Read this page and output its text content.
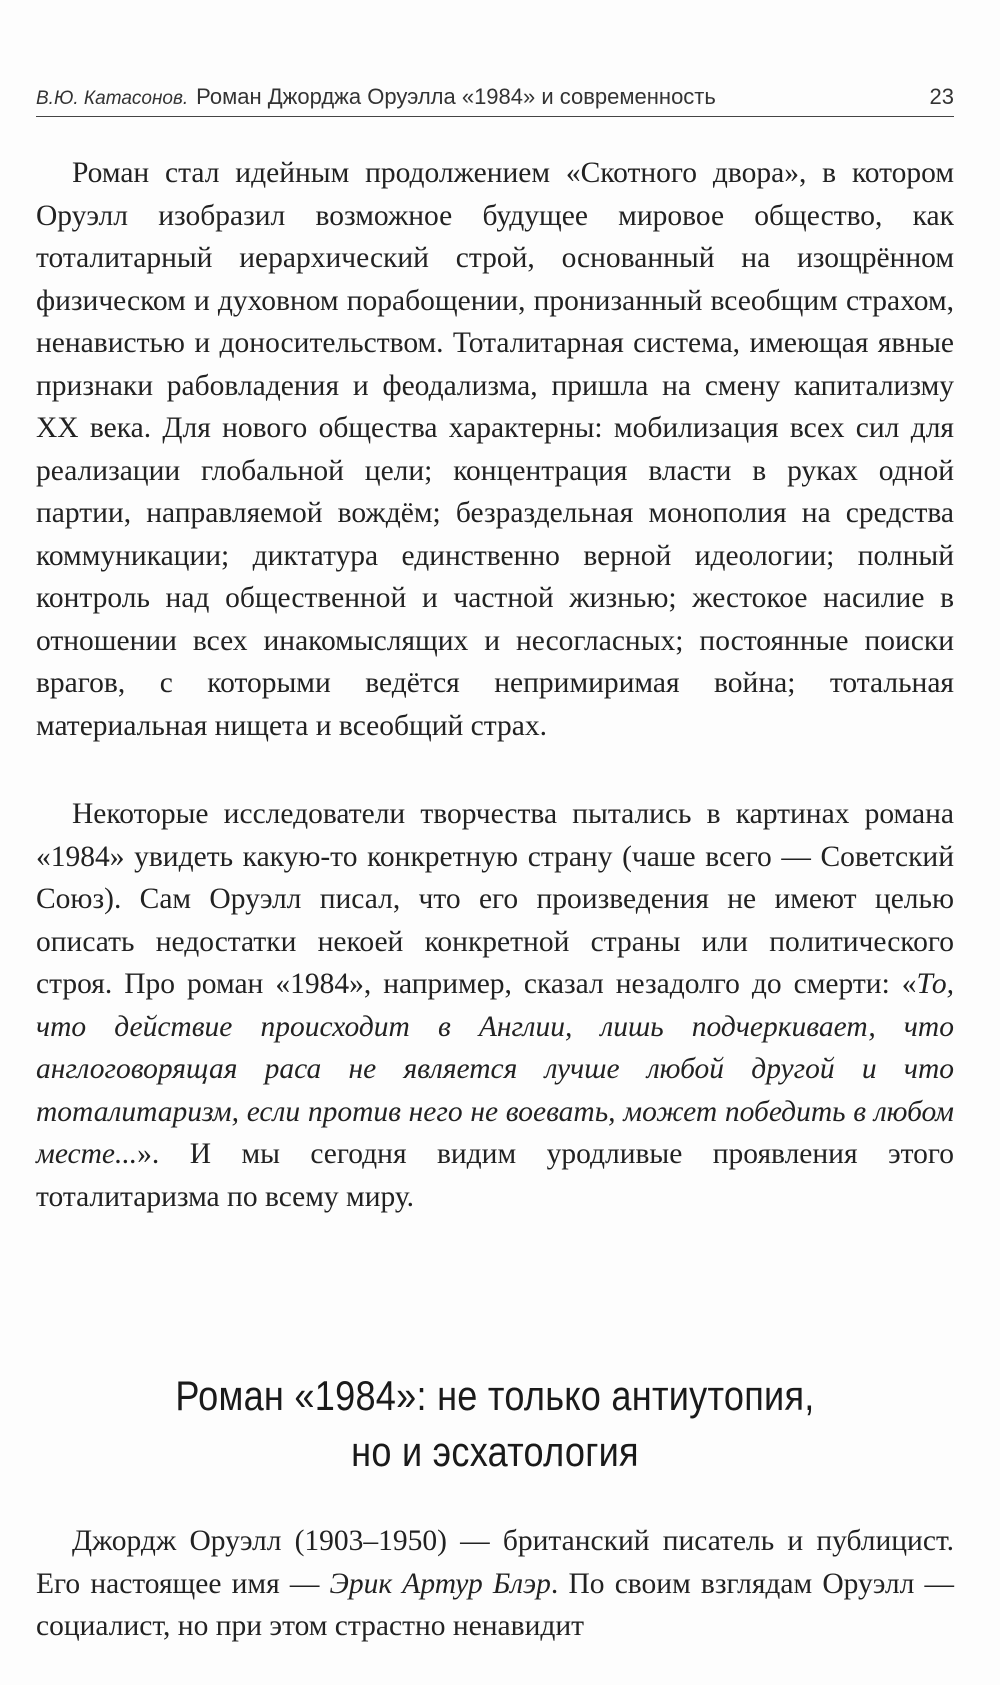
В.Ю. Катасонов. Роман Джорджа Оруэлла «1984» и современность	23

Роман стал идейным продолжением «Скотного двора», в котором Оруэлл изобразил возможное будущее мировое общество, как тоталитарный иерархический строй, основанный на изощрённом физическом и духовном порабощении, пронизанный всеобщим страхом, ненавистью и доносительством. Тоталитарная система, имеющая явные признаки рабовладения и феодализма, пришла на смену капитализму XX века. Для нового общества характерны: мобилизация всех сил для реализации глобальной цели; концентрация власти в руках одной партии, направляемой вождём; безраздельная монополия на средства коммуникации; диктатура единственно верной идеологии; полный контроль над общественной и частной жизнью; жестокое насилие в отношении всех инакомыслящих и несогласных; постоянные поиски врагов, с которыми ведётся непримиримая война; тотальная материальная нищета и всеобщий страх.

Некоторые исследователи творчества пытались в картинах романа «1984» увидеть какую-то конкретную страну (чаше всего — Советский Союз). Сам Оруэлл писал, что его произведения не имеют целью описать недостатки некоей конкретной страны или политического строя. Про роман «1984», например, сказал незадолго до смерти: «То, что действие происходит в Англии, лишь подчеркивает, что англоговорящая раса не является лучше любой другой и что тоталитаризм, если против него не воевать, может победить в любом месте...». И мы сегодня видим уродливые проявления этого тоталитаризма по всему миру.

Роман «1984»: не только антиутопия,
но и эсхатология

Джордж Оруэлл (1903–1950) — британский писатель и публицист. Его настоящее имя — Эрик Артур Блэр. По своим взглядам Оруэлл — социалист, но при этом страстно ненавидит
